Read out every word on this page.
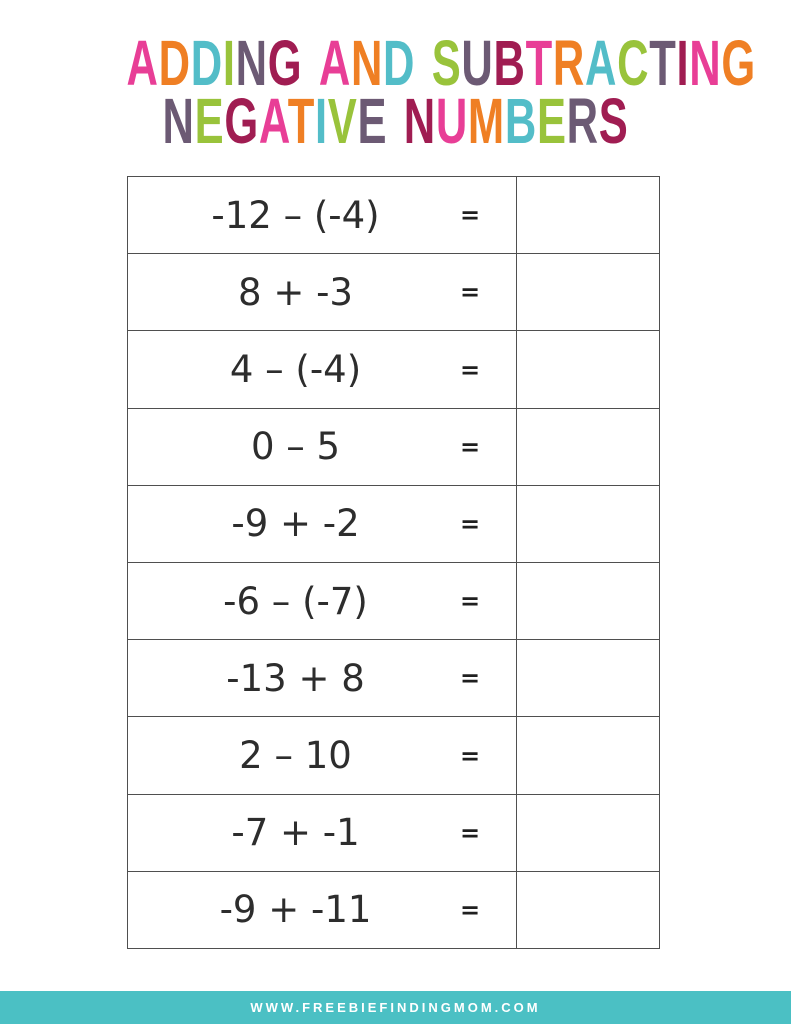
ADDING AND SUBTRACTING
NEGATIVE NUMBERS
-12 – (-4)	=
8 + -3	=
4 – (-4)	=
0 – 5	=
-9 + -2	=
-6 – (-7)	=
-13 + 8	=
2 – 10	=
-7 + -1	=
-9 + -11	=
WWW.FREEBIEFINDINGMOM.COM
